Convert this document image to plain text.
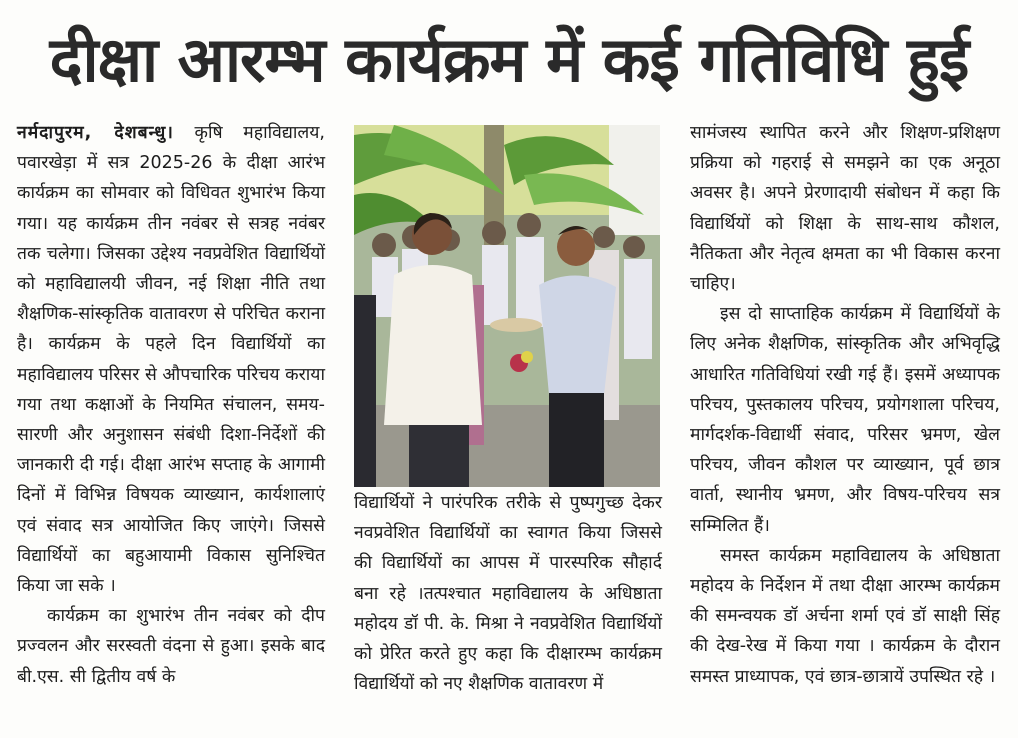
दीक्षा आरम्भ कार्यक्रम में कई गतिविधि हुई

नर्मदापुरम, देशबन्धु। कृषि महाविद्यालय, पवारखेड़ा में सत्र 2025-26 के दीक्षा आरंभ कार्यक्रम का सोमवार को विधिवत शुभारंभ किया गया। यह कार्यक्रम तीन नवंबर से सत्रह नवंबर तक चलेगा। जिसका उद्देश्य नवप्रवेशित विद्यार्थियों को महाविद्यालयी जीवन, नई शिक्षा नीति तथा शैक्षणिक-सांस्कृतिक वातावरण से परिचित कराना है। कार्यक्रम के पहले दिन विद्यार्थियों का महाविद्यालय परिसर से औपचारिक परिचय कराया गया तथा कक्षाओं के नियमित संचालन, समय-सारणी और अनुशासन संबंधी दिशा-निर्देशों की जानकारी दी गई। दीक्षा आरंभ सप्ताह के आगामी दिनों में विभिन्न विषयक व्याख्यान, कार्यशालाएं एवं संवाद सत्र आयोजित किए जाएंगे। जिससे विद्यार्थियों का बहुआयामी विकास सुनिश्चित किया जा सके ।

कार्यक्रम का शुभारंभ तीन नवंबर को दीप प्रज्वलन और सरस्वती वंदना से हुआ। इसके बाद बी.एस. सी द्वितीय वर्ष के

विद्यार्थियों ने पारंपरिक तरीके से पुष्पगुच्छ देकर नवप्रवेशित विद्यार्थियों का स्वागत किया जिससे की विद्यार्थियों का आपस में पारस्परिक सौहार्द बना रहे ।तत्पश्चात महाविद्यालय के अधिष्ठाता महोदय डॉ पी. के. मिश्रा ने नवप्रवेशित विद्यार्थियों को प्रेरित करते हुए कहा कि दीक्षारम्भ कार्यक्रम विद्यार्थियों को नए शैक्षणिक वातावरण में

सामंजस्य स्थापित करने और शिक्षण-प्रशिक्षण प्रक्रिया को गहराई से समझने का एक अनूठा अवसर है। अपने प्रेरणादायी संबोधन में कहा कि विद्यार्थियों को शिक्षा के साथ-साथ कौशल, नैतिकता और नेतृत्व क्षमता का भी विकास करना चाहिए।

इस दो साप्ताहिक कार्यक्रम में विद्यार्थियों के लिए अनेक शैक्षणिक, सांस्कृतिक और अभिवृद्धि आधारित गतिविधियां रखी गई हैं। इसमें अध्यापक परिचय, पुस्तकालय परिचय, प्रयोगशाला परिचय, मार्गदर्शक-विद्यार्थी संवाद, परिसर भ्रमण, खेल परिचय, जीवन कौशल पर व्याख्यान, पूर्व छात्र वार्ता, स्थानीय भ्रमण, और विषय-परिचय सत्र सम्मिलित हैं।

समस्त कार्यक्रम महाविद्यालय के अधिष्ठाता महोदय के निर्देशन में तथा दीक्षा आरम्भ कार्यक्रम की समन्वयक डॉ अर्चना शर्मा एवं डॉ साक्षी सिंह की देख-रेख में किया गया । कार्यक्रम के दौरान समस्त प्राध्यापक, एवं छात्र-छात्रायें उपस्थित रहे ।
